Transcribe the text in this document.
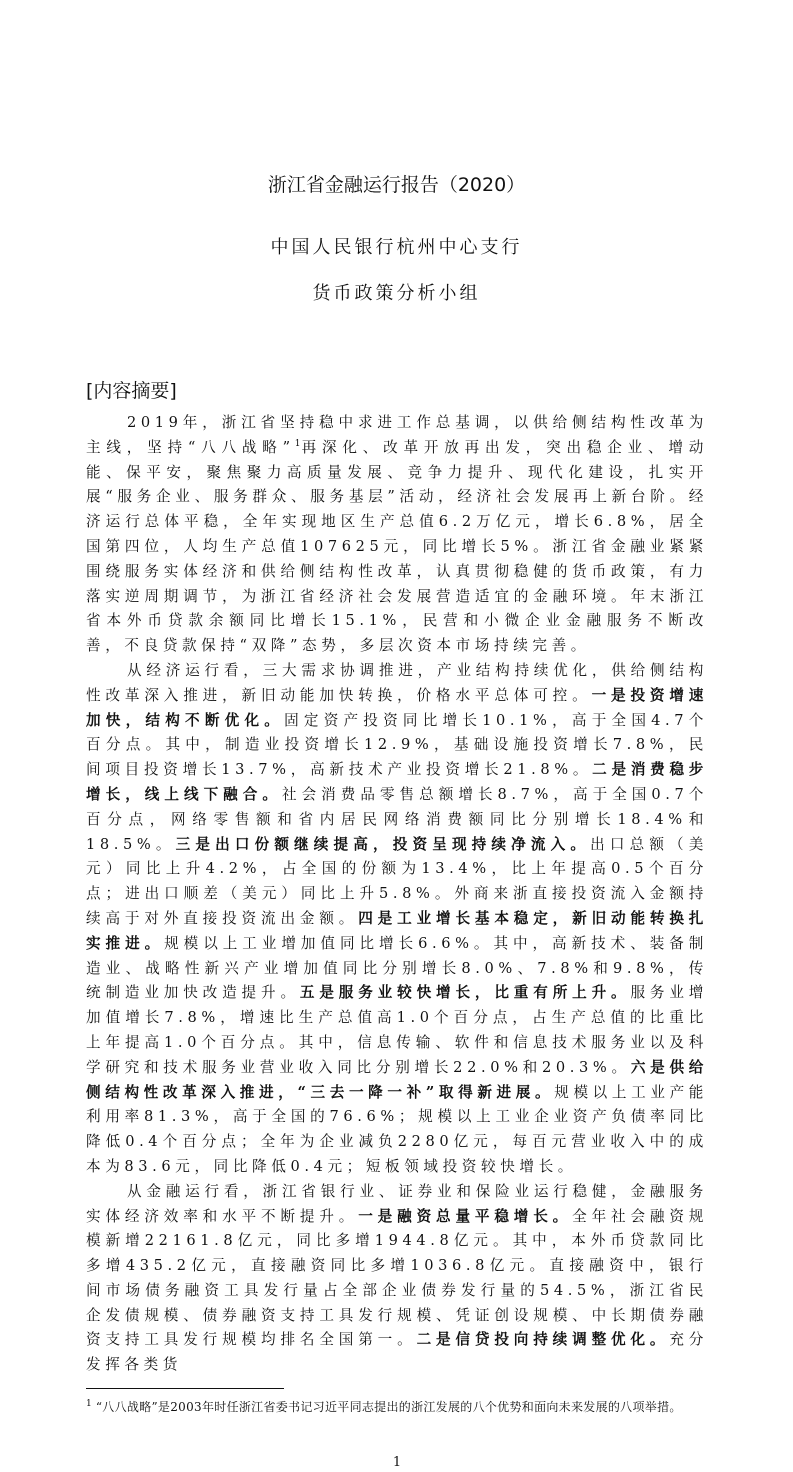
浙江省金融运行报告（2020）
中国人民银行杭州中心支行
货币政策分析小组
[内容摘要]

2019年，浙江省坚持稳中求进工作总基调，以供给侧结构性改革为主线，坚持“八八战略”$^1$再深化、改革开放再出发，突出稳企业、增动能、保平安，聚焦聚力高质量发展、竞争力提升、现代化建设，扎实开展“服务企业、服务群众、服务基层”活动，经济社会发展再上新台阶。经济运行总体平稳，全年实现地区生产总值6.2万亿元，增长6.8%，居全国第四位，人均生产总值107625元，同比增长5%。浙江省金融业紧紧围绕服务实体经济和供给侧结构性改革，认真贯彻稳健的货币政策，有力落实逆周期调节，为浙江省经济社会发展营造适宜的金融环境。年末浙江省本外币贷款余额同比增长15.1%，民营和小微企业金融服务不断改善，不良贷款保持“双降”态势，多层次资本市场持续完善。

从经济运行看，三大需求协调推进，产业结构持续优化，供给侧结构性改革深入推进，新旧动能加快转换，价格水平总体可控。一是投资增速加快，结构不断优化。固定资产投资同比增长10.1%，高于全国4.7个百分点。其中，制造业投资增长12.9%，基础设施投资增长7.8%，民间项目投资增长13.7%，高新技术产业投资增长21.8%。二是消费稳步增长，线上线下融合。社会消费品零售总额增长8.7%，高于全国0.7个百分点，网络零售额和省内居民网络消费额同比分别增长18.4%和18.5%。三是出口份额继续提高，投资呈现持续净流入。出口总额（美元）同比上升4.2%，占全国的份额为13.4%，比上年提高0.5个百分点；进出口顺差（美元）同比上升5.8%。外商来浙直接投资流入金额持续高于对外直接投资流出金额。四是工业增长基本稳定，新旧动能转换扎实推进。规模以上工业增加值同比增长6.6%。其中，高新技术、装备制造业、战略性新兴产业增加值同比分别增长8.0%、7.8%和9.8%，传统制造业加快改造提升。五是服务业较快增长，比重有所上升。服务业增加值增长7.8%，增速比生产总值高1.0个百分点，占生产总值的比重比上年提高1.0个百分点。其中，信息传输、软件和信息技术服务业以及科学研究和技术服务业营业收入同比分别增长22.0%和20.3%。六是供给侧结构性改革深入推进，“三去一降一补”取得新进展。规模以上工业产能利用率81.3%，高于全国的76.6%；规模以上工业企业资产负债率同比降低0.4个百分点；全年为企业减负2280亿元，每百元营业收入中的成本为83.6元，同比降低0.4元；短板领域投资较快增长。

从金融运行看，浙江省银行业、证券业和保险业运行稳健，金融服务实体经济效率和水平不断提升。一是融资总量平稳增长。全年社会融资规模新增22161.8亿元，同比多增1944.8亿元。其中，本外币贷款同比多增435.2亿元，直接融资同比多增1036.8亿元。直接融资中，银行间市场债务融资工具发行量占全部企业债券发行量的54.5%，浙江省民企发债规模、债券融资支持工具发行规模、凭证创设规模、中长期债券融资支持工具发行规模均排名全国第一。二是信贷投向持续调整优化。充分发挥各类货

$^1$ “八八战略”是2003年时任浙江省委书记习近平同志提出的浙江发展的八个优势和面向未来发展的八项举措。
1
